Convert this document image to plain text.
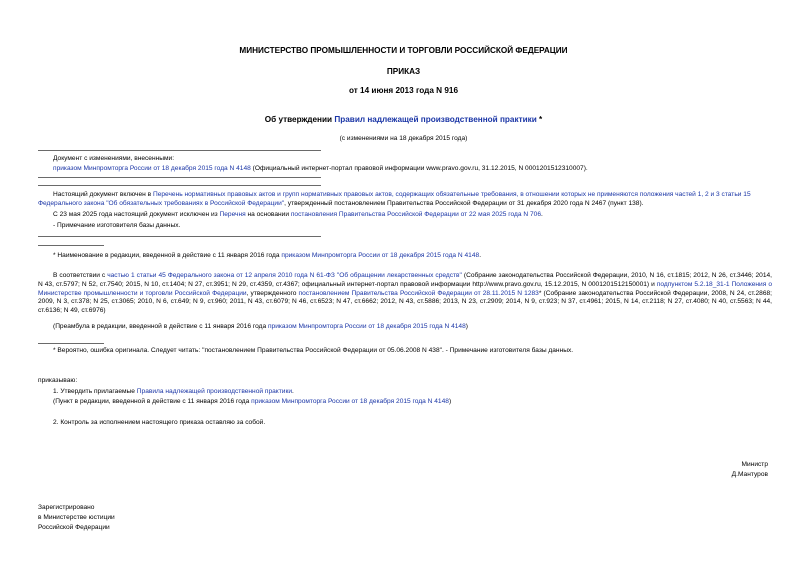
МИНИСТЕРСТВО ПРОМЫШЛЕННОСТИ И ТОРГОВЛИ РОССИЙСКОЙ ФЕДЕРАЦИИ
ПРИКАЗ
от 14 июня 2013 года N 916
Об утверждении Правил надлежащей производственной практики *
(с изменениями на 18 декабря 2015 года)
Документ с изменениями, внесенными:
приказом Минпромторга России от 18 декабря 2015 года N 4148 (Официальный интернет-портал правовой информации www.pravo.gov.ru, 31.12.2015, N 0001201512310007).
Настоящий документ включен в Перечень нормативных правовых актов и групп нормативных правовых актов, содержащих обязательные требования, в отношении которых не применяются положения частей 1, 2 и 3 статьи 15 Федерального закона "Об обязательных требованиях в Российской Федерации", утвержденный постановлением Правительства Российской Федерации от 31 декабря 2020 года N 2467 (пункт 138).
С 23 мая 2025 года настоящий документ исключен из Перечня на основании постановления Правительства Российской Федерации от 22 мая 2025 года N 706.
- Примечание изготовителя базы данных.
* Наименование в редакции, введенной в действие с 11 января 2016 года приказом Минпромторга России от 18 декабря 2015 года N 4148.
В соответствии с частью 1 статьи 45 Федерального закона от 12 апреля 2010 года N 61-ФЗ "Об обращении лекарственных средств" (Собрание законодательства Российской Федерации, 2010, N 16, ст.1815; 2012, N 26, ст.3446; 2014, N 43, ст.5797; N 52, ст.7540; 2015, N 10, ст.1404; N 27, ст.3951; N 29, ст.4359, ст.4367; официальный интернет-портал правовой информации http://www.pravo.gov.ru, 15.12.2015, N 0001201512150001) и подпунктом 5.2.18_31-1 Положения о Министерстве промышленности и торговли Российской Федерации, утвержденного постановлением Правительства Российской Федерации от 28.11.2015 N 1283* (Собрание законодательства Российской Федерации, 2008, N 24, ст.2868; 2009, N 3, ст.378; N 25, ст.3065; 2010, N 6, ст.649; N 9, ст.960; 2011, N 43, ст.6079; N 46, ст.6523; N 47, ст.6662; 2012, N 43, ст.5886; 2013, N 23, ст.2909; 2014, N 9, ст.923; N 37, ст.4961; 2015, N 14, ст.2118; N 27, ст.4080; N 40, ст.5563; N 44, ст.6136; N 49, ст.6976)
(Преамбула в редакции, введенной в действие с 11 января 2016 года приказом Минпромторга России от 18 декабря 2015 года N 4148)
* Вероятно, ошибка оригинала. Следует читать: "постановлением Правительства Российской Федерации от 05.06.2008 N 438". - Примечание изготовителя базы данных.
приказываю:
1. Утвердить прилагаемые Правила надлежащей производственной практики.
(Пункт в редакции, введенной в действие с 11 января 2016 года приказом Минпромторга России от 18 декабря 2015 года N 4148)
2. Контроль за исполнением настоящего приказа оставляю за собой.
Министр
Д.Мантуров
Зарегистрировано
в Министерстве юстиции
Российской Федерации
